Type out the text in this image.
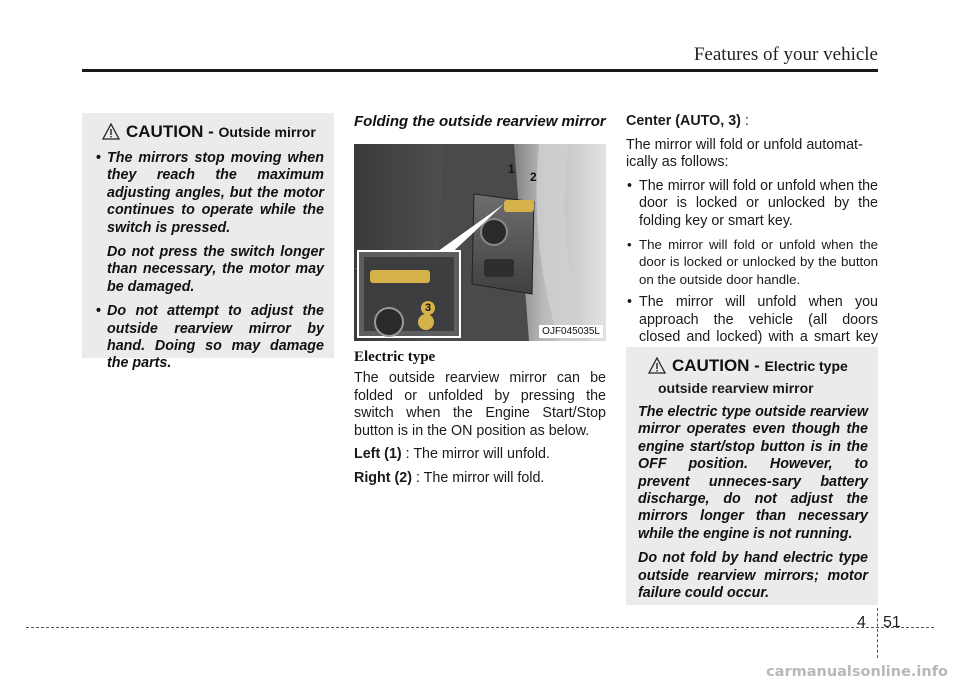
Features of your vehicle
CAUTION - Outside mirror

• The mirrors stop moving when they reach the maximum adjusting angles, but the motor continues to operate while the switch is pressed.

Do not press the switch longer than necessary, the motor may be damaged.

• Do not attempt to adjust the outside rearview mirror by hand. Doing so may damage the parts.

Folding the outside rearview mirror
1
2
3
OJF045035L
Electric type

The outside rearview mirror can be folded or unfolded by pressing the switch when the Engine Start/Stop button is in the ON position as below.

Left (1) : The mirror will unfold.

Right (2) : The mirror will fold.

Center (AUTO, 3) :

The mirror will fold or unfold automat-ically as follows:

• The mirror will fold or unfold when the door is locked or unlocked by the folding key or smart key.
• The mirror will fold or unfold when the door is locked or unlocked by the button on the outside door handle.
• The mirror will unfold when you approach the vehicle (all doors closed and locked) with a smart key
CAUTION - Electric type
outside rearview mirror

The electric type outside rearview mirror operates even though the engine start/stop button is in the OFF position. However, to prevent unneces-sary battery discharge, do not adjust the mirrors longer than necessary while the engine is not running.

Do not fold by hand electric type outside rearview mirrors; motor failure could occur.

4 51
carmanualsonline.info
